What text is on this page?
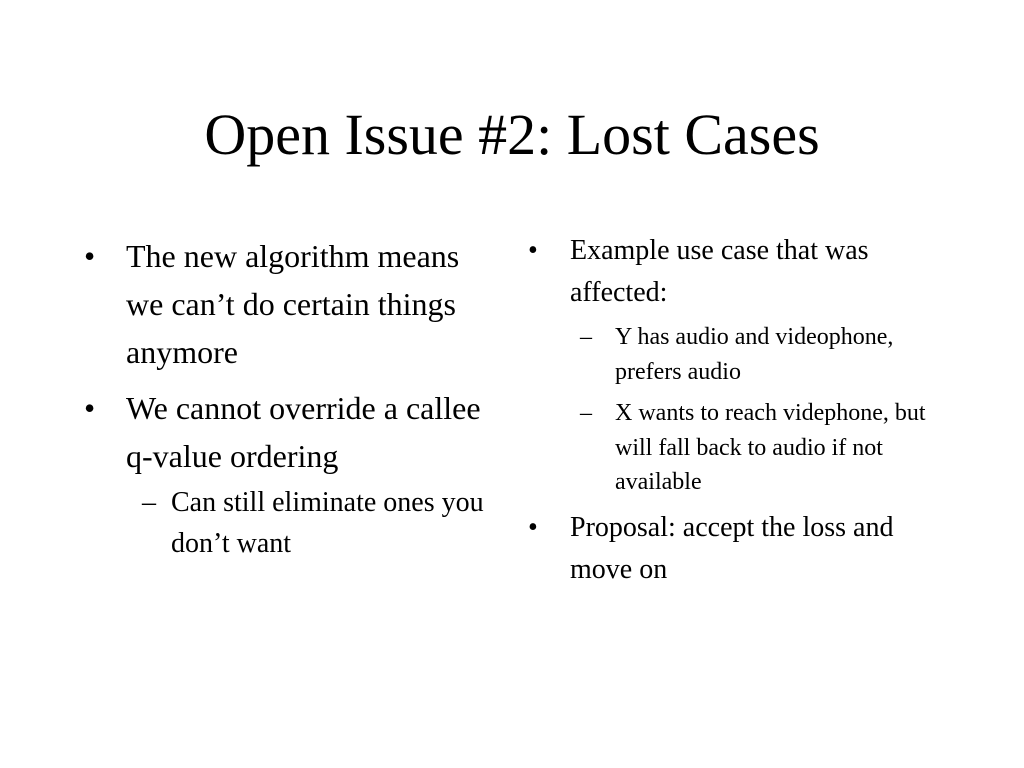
Open Issue #2: Lost Cases
• The new algorithm means we can’t do certain things anymore
• We cannot override a callee q-value ordering
– Can still eliminate ones you don’t want
•	Example use case that was affected:
– Y has audio and videophone, prefers audio
– X wants to reach videphone, but will fall back to audio if not available
•	Proposal: accept the loss and move on
